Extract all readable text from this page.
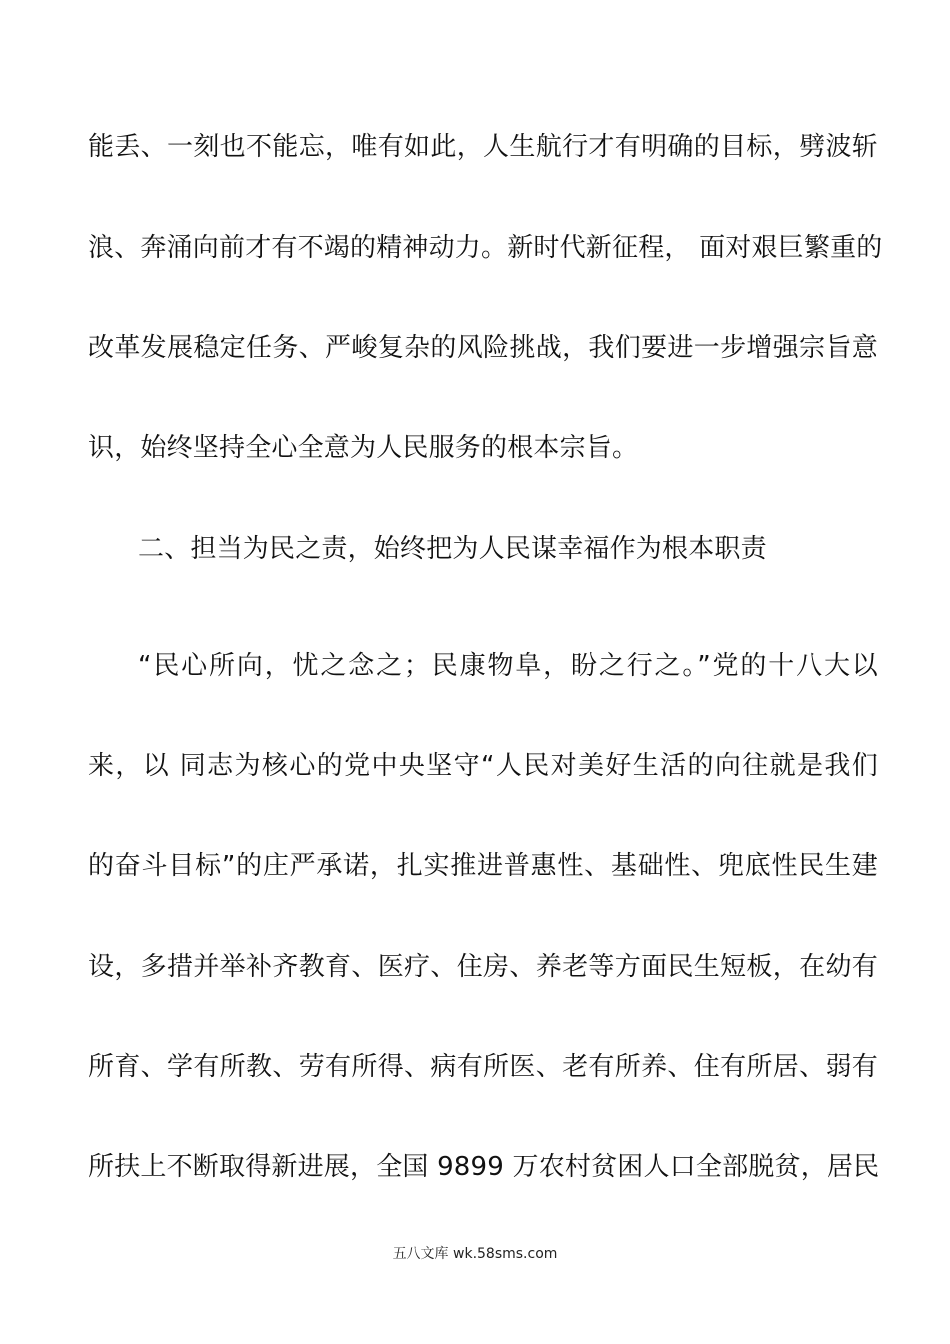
能丢、一刻也不能忘，唯有如此，人生航行才有明确的目标，劈波斩
浪、奔涌向前才有不竭的精神动力。新时代新征程， 面对艰巨繁重的
改革发展稳定任务、严峻复杂的风险挑战，我们要进一步增强宗旨意
识，始终坚持全心全意为人民服务的根本宗旨。
二、担当为民之责，始终把为人民谋幸福作为根本职责
“民心所向，忧之念之；民康物阜，盼之行之。”党的十八大以
来，以 同志为核心的党中央坚守“人民对美好生活的向往就是我们
的奋斗目标”的庄严承诺，扎实推进普惠性、基础性、兜底性民生建
设，多措并举补齐教育、医疗、住房、养老等方面民生短板，在幼有
所育、学有所教、劳有所得、病有所医、老有所养、住有所居、弱有
所扶上不断取得新进展，全国 9899 万农村贫困人口全部脱贫，居民
五八文库 wk.58sms.com
